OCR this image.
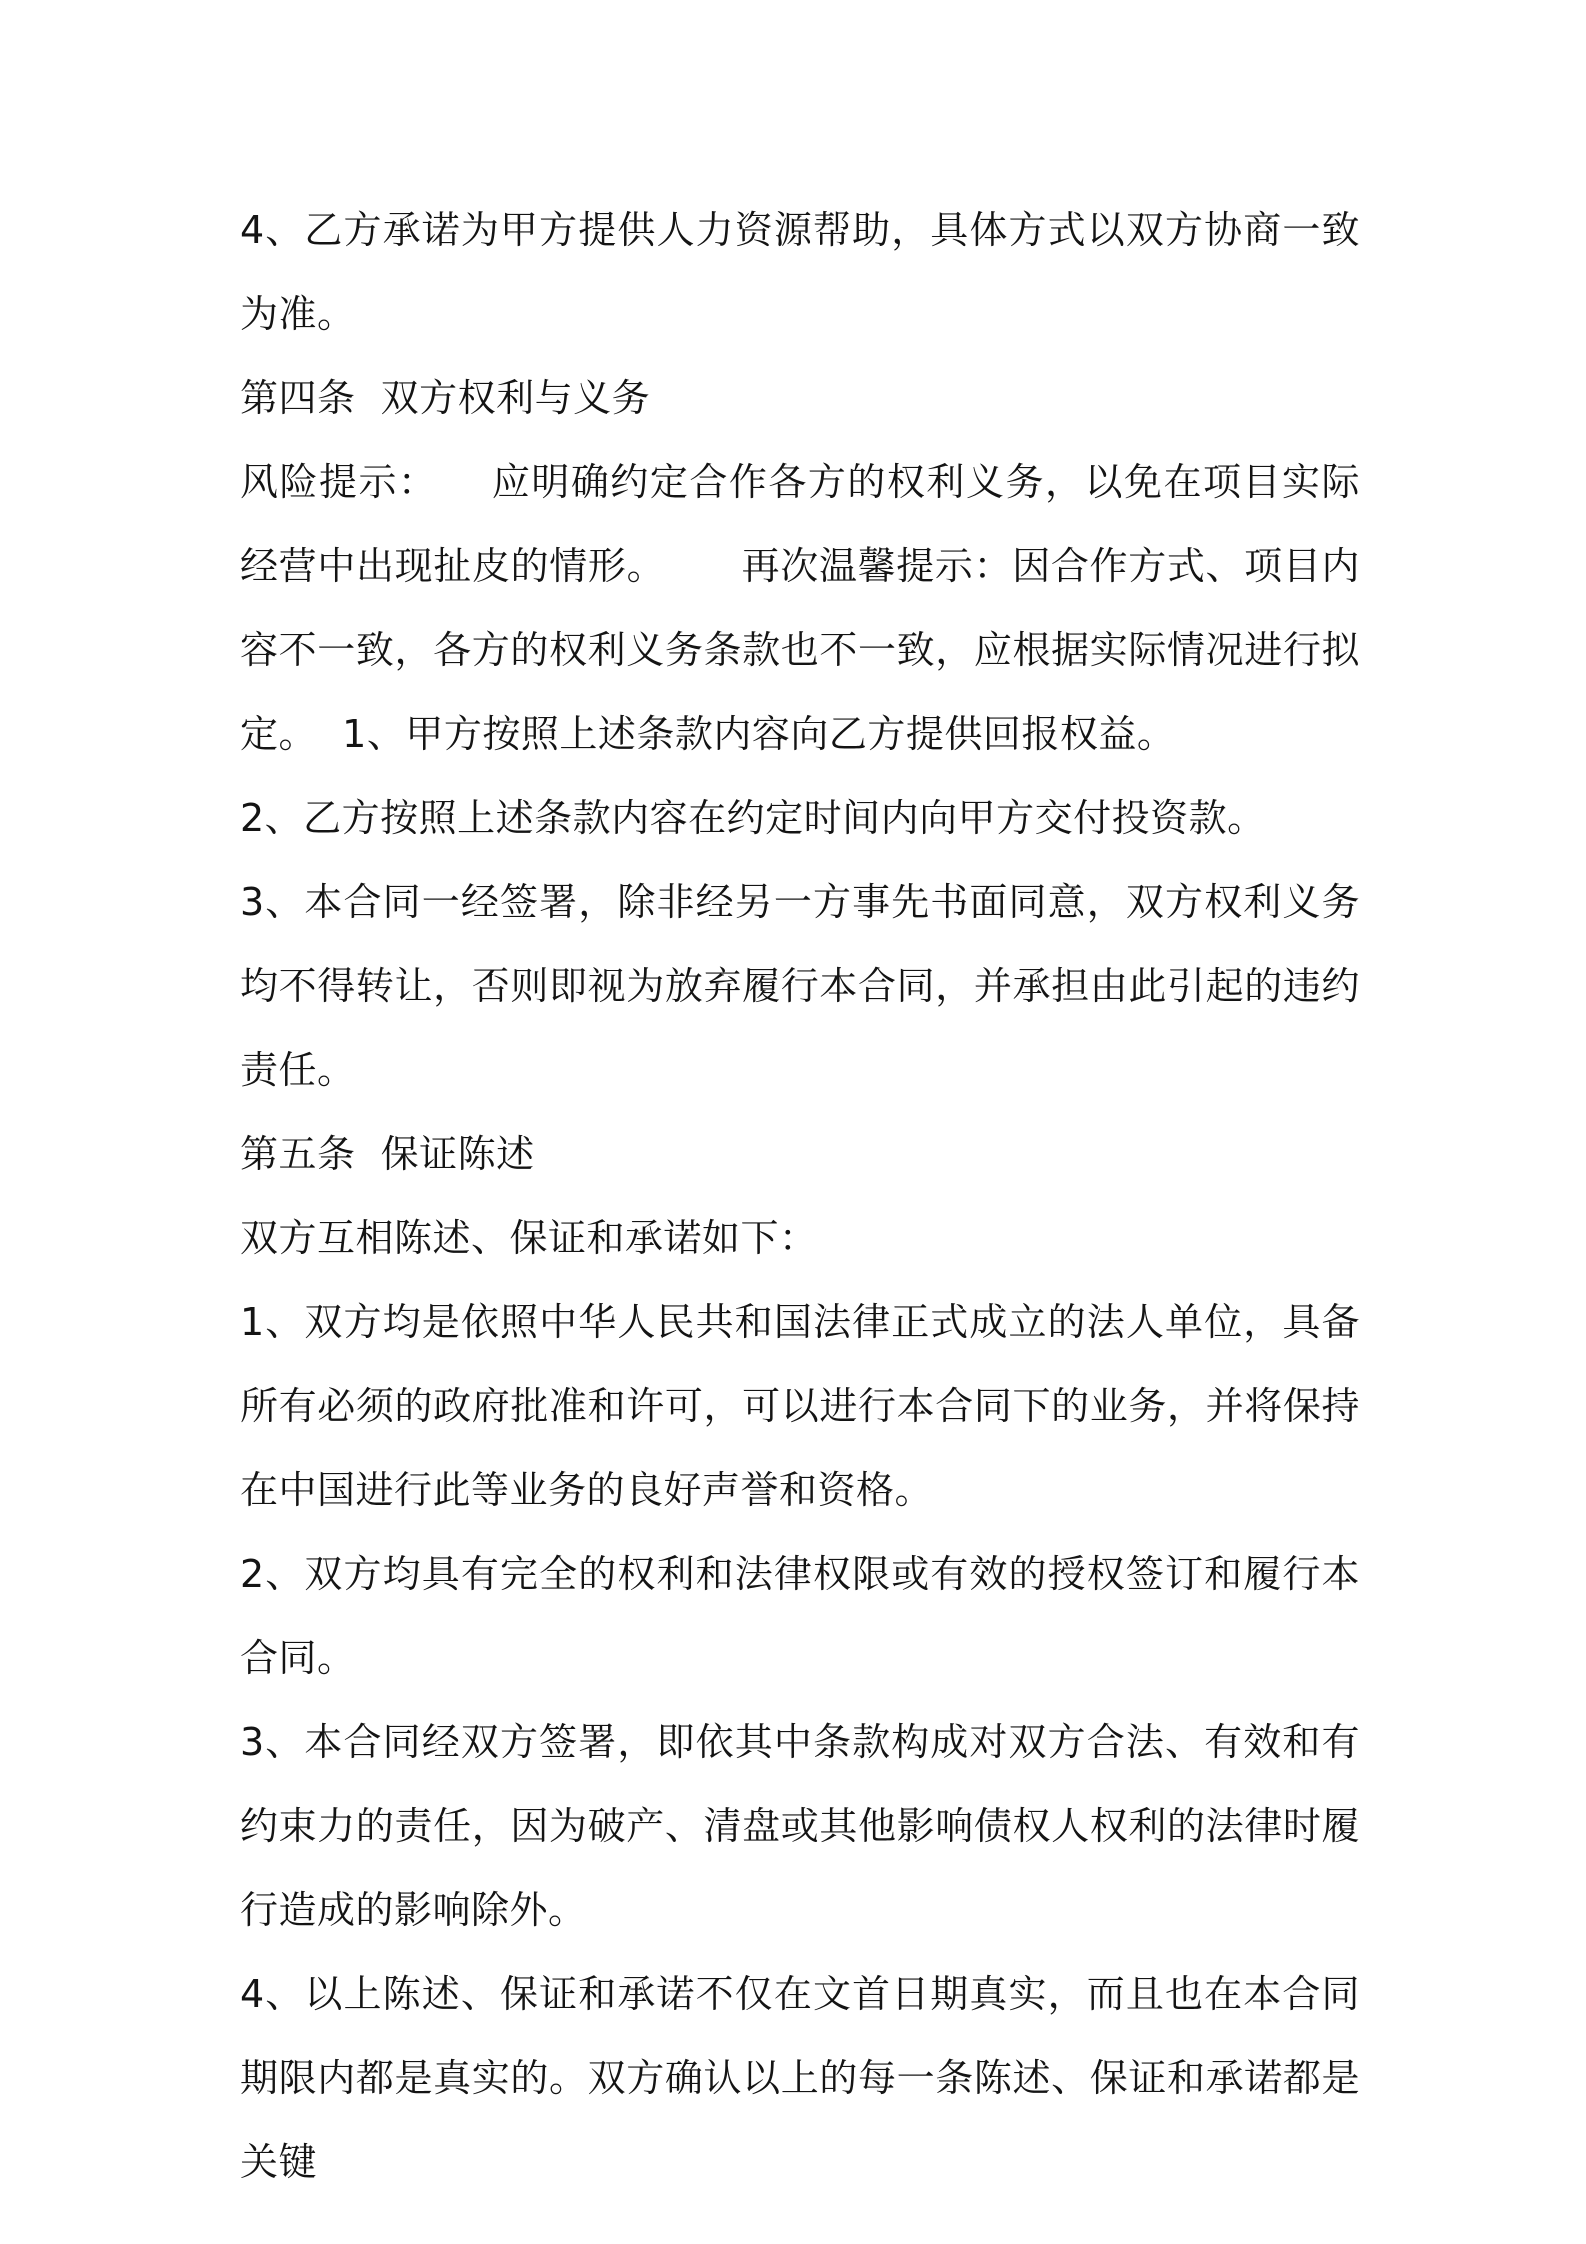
4、乙方承诺为甲方提供人力资源帮助，具体方式以双方协商一致为准。

第四条  双方权利与义务

风险提示：    应明确约定合作各方的权利义务，以免在项目实际经营中出现扯皮的情形。      再次温馨提示：因合作方式、项目内容不一致，各方的权利义务条款也不一致，应根据实际情况进行拟定。  1、甲方按照上述条款内容向乙方提供回报权益。

2、乙方按照上述条款内容在约定时间内向甲方交付投资款。

3、本合同一经签署，除非经另一方事先书面同意，双方权利义务均不得转让，否则即视为放弃履行本合同，并承担由此引起的违约责任。

第五条  保证陈述

双方互相陈述、保证和承诺如下：

1、双方均是依照中华人民共和国法律正式成立的法人单位，具备所有必须的政府批准和许可，可以进行本合同下的业务，并将保持在中国进行此等业务的良好声誉和资格。

2、双方均具有完全的权利和法律权限或有效的授权签订和履行本合同。

3、本合同经双方签署，即依其中条款构成对双方合法、有效和有约束力的责任，因为破产、清盘或其他影响债权人权利的法律时履行造成的影响除外。

4、以上陈述、保证和承诺不仅在文首日期真实，而且也在本合同期限内都是真实的。双方确认以上的每一条陈述、保证和承诺都是关键
